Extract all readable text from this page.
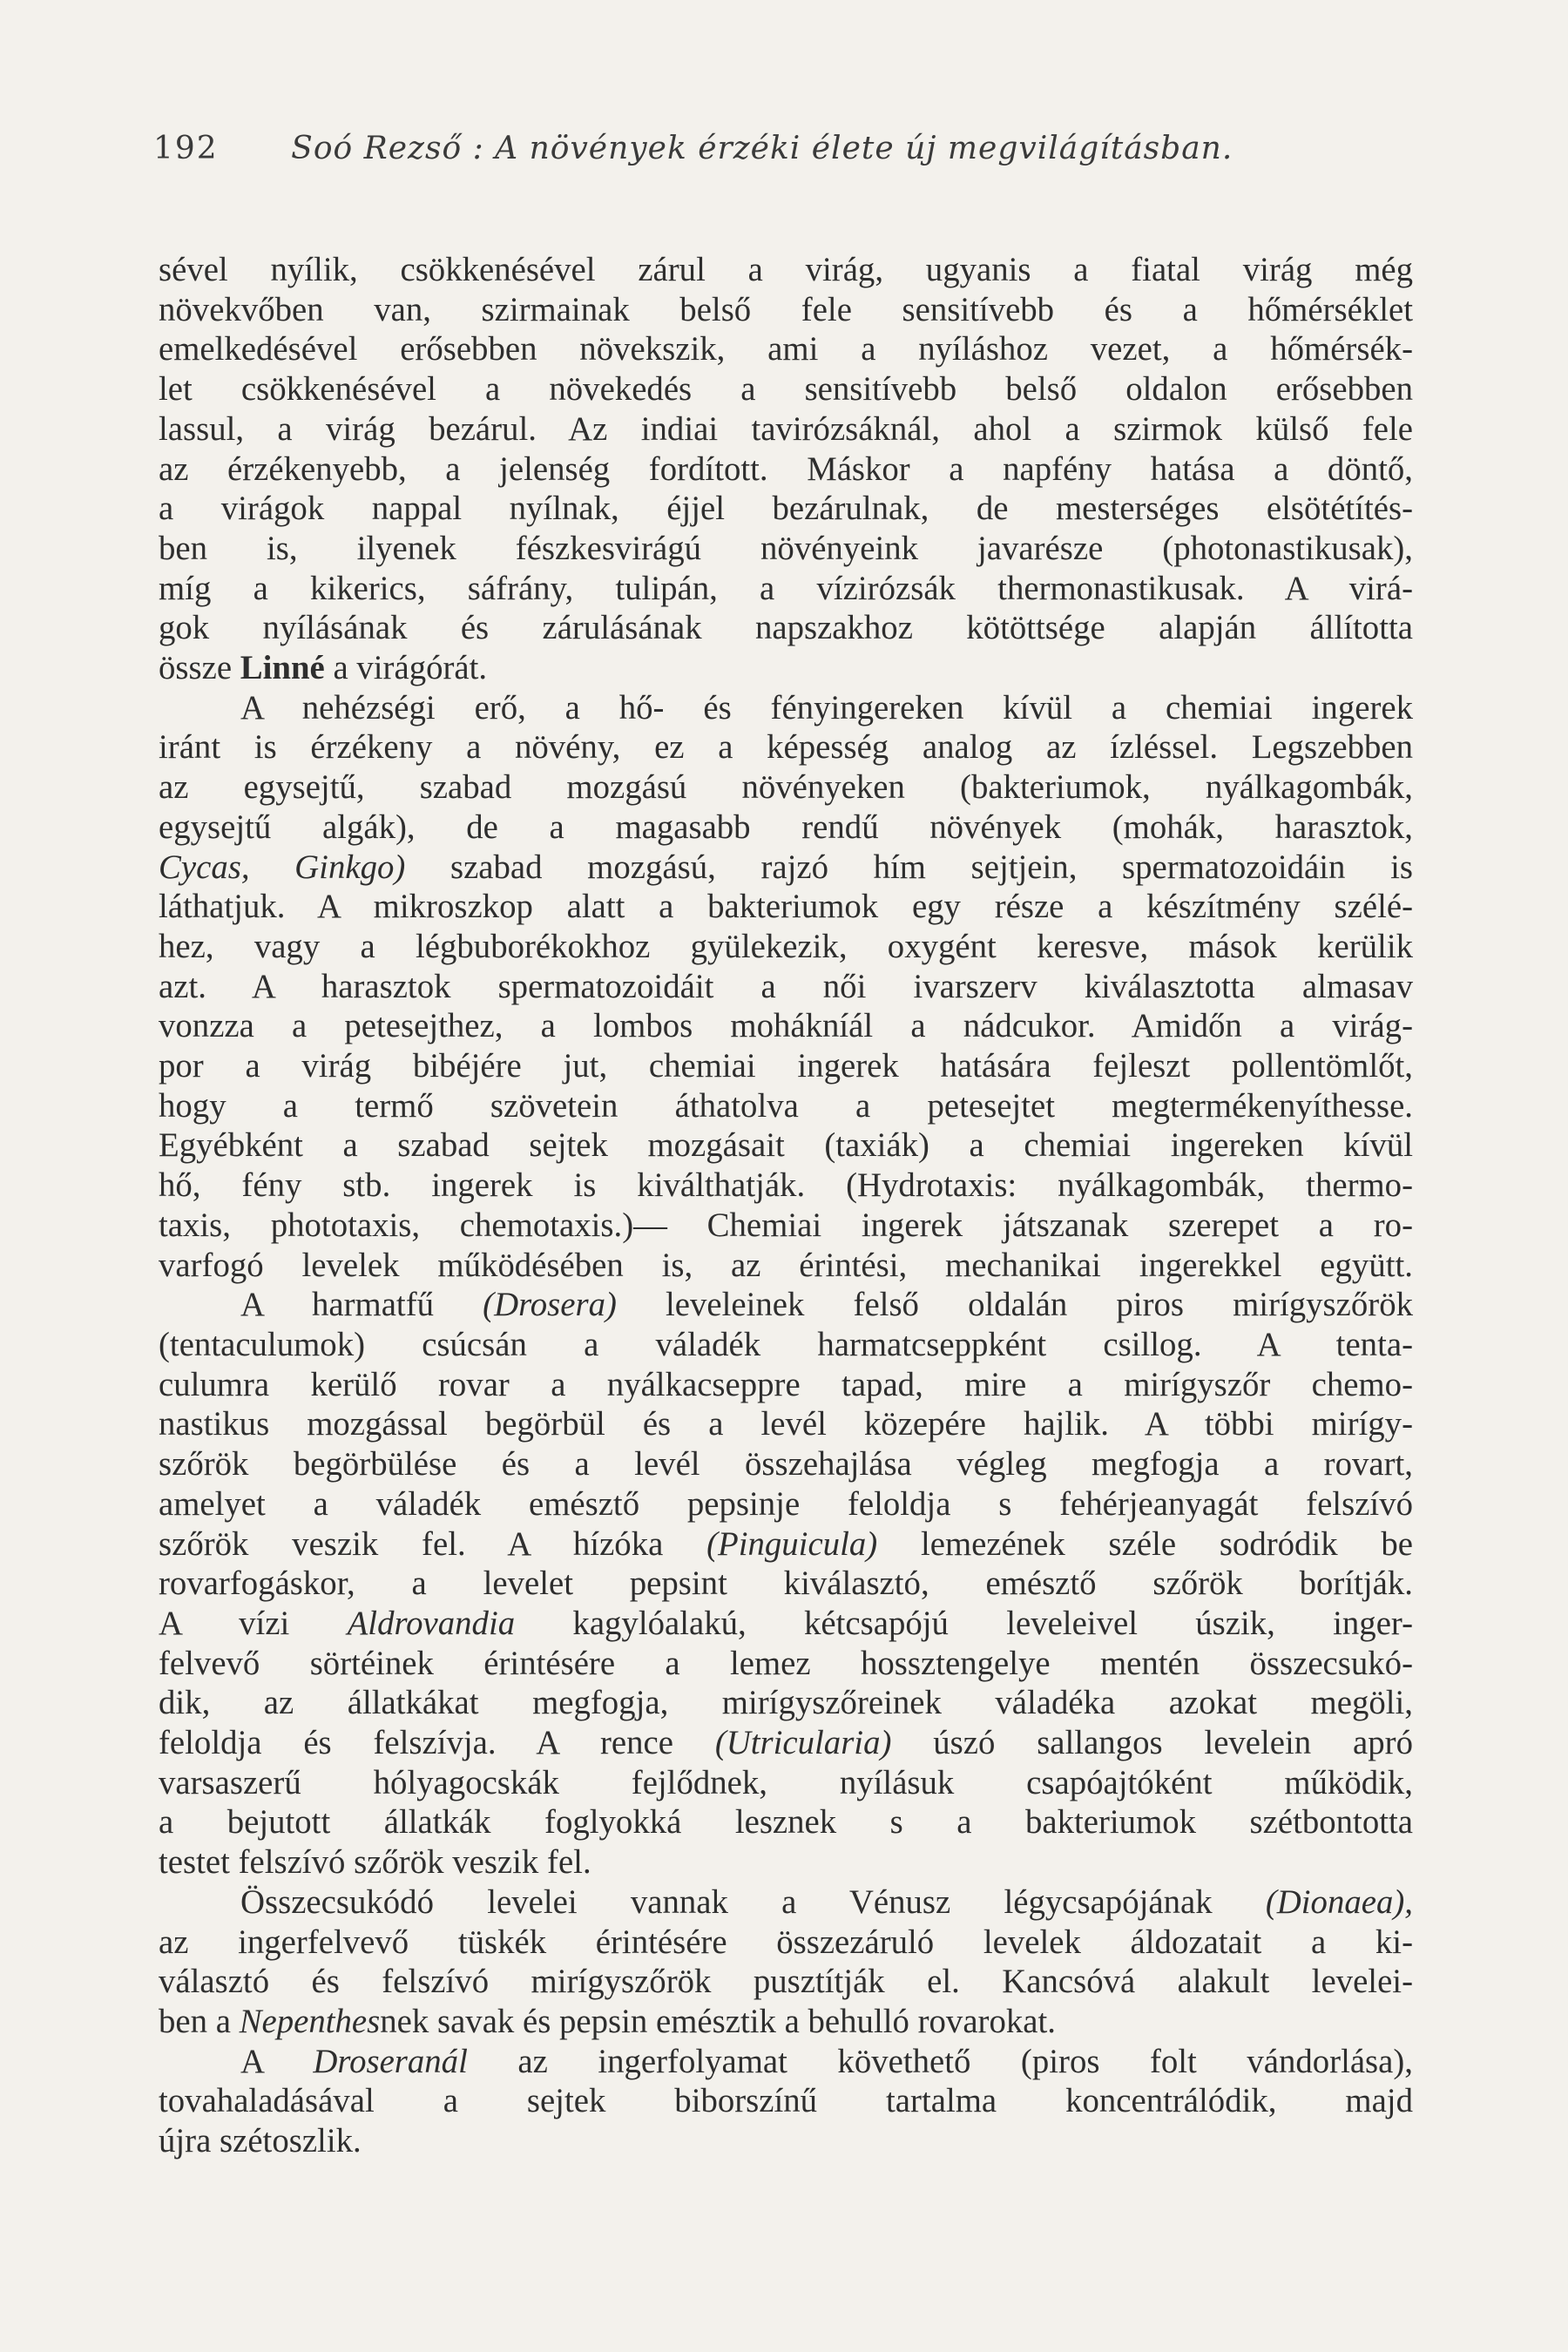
192 Soó Rezső : A növények érzéki élete új megvilágításban.
sével nyílik, csökkenésével zárul a virág, ugyanis a fiatal virág még
növekvőben van, szirmainak belső fele sensitívebb és a hőmérséklet
emelkedésével erősebben növekszik, ami a nyíláshoz vezet, a hőmérsék-
let csökkenésével a növekedés a sensitívebb belső oldalon erősebben
lassul, a virág bezárul. Az indiai tavirózsáknál, ahol a szirmok külső fele
az érzékenyebb, a jelenség fordított. Máskor a napfény hatása a döntő,
a virágok nappal nyílnak, éjjel bezárulnak, de mesterséges elsötétítés-
ben is, ilyenek fészkesvirágú növényeink javarésze (photonastikusak),
míg a kikerics, sáfrány, tulipán, a vízirózsák thermonastikusak. A virá-
gok nyílásának és zárulásának napszakhoz kötöttsége alapján állította
össze Linné a virágórát.
A nehézségi erő, a hő- és fényingereken kívül a chemiai ingerek
iránt is érzékeny a növény, ez a képesség analog az ízléssel. Legszebben
az egysejtű, szabad mozgású növényeken (bakteriumok, nyálkagombák,
egysejtű algák), de a magasabb rendű növények (mohák, harasztok,
Cycas, Ginkgo) szabad mozgású, rajzó hím sejtjein, spermatozoidáin is
láthatjuk. A mikroszkop alatt a bakteriumok egy része a készítmény szélé-
hez, vagy a légbuborékokhoz gyülekezik, oxygént keresve, mások kerülik
azt. A harasztok spermatozoidáit a női ivarszerv kiválasztotta almasav
vonzza a petesejthez, a lombos mohákníál a nádcukor. Amidőn a virág-
por a virág bibéjére jut, chemiai ingerek hatására fejleszt pollentömlőt,
hogy a termő szövetein áthatolva a petesejtet megtermékenyíthesse.
Egyébként a szabad sejtek mozgásait (taxiák) a chemiai ingereken kívül
hő, fény stb. ingerek is kiválthatják. (Hydrotaxis: nyálkagombák, thermo-
taxis, phototaxis, chemotaxis.)— Chemiai ingerek játszanak szerepet a ro-
varfogó levelek működésében is, az érintési, mechanikai ingerekkel együtt.
A harmatfű (Drosera) leveleinek felső oldalán piros mirígyszőrök
(tentaculumok) csúcsán a váladék harmatcseppként csillog. A tenta-
culumra kerülő rovar a nyálkacseppre tapad, mire a mirígyszőr chemo-
nastikus mozgással begörbül és a levél közepére hajlik. A többi mirígy-
szőrök begörbülése és a levél összehajlása végleg megfogja a rovart,
amelyet a váladék emésztő pepsinje feloldja s fehérjeanyagát felszívó
szőrök veszik fel. A hízóka (Pinguicula) lemezének széle sodródik be
rovarfogáskor, a levelet pepsint kiválasztó, emésztő szőrök borítják.
A vízi Aldrovandia kagylóalakú, kétcsapójú leveleivel úszik, inger-
felvevő sörtéinek érintésére a lemez hossztengelye mentén összecsukó-
dik, az állatkákat megfogja, mirígyszőreinek váladéka azokat megöli,
feloldja és felszívja. A rence (Utricularia) úszó sallangos levelein apró
varsaszerű hólyagocskák fejlődnek, nyílásuk csapóajtóként működik,
a bejutott állatkák foglyokká lesznek s a bakteriumok szétbontotta
testet felszívó szőrök veszik fel.
Összecsukódó levelei vannak a Vénusz légycsapójának (Dionaea),
az ingerfelvevő tüskék érintésére összezáruló levelek áldozatait a ki-
választó és felszívó mirígyszőrök pusztítják el. Kancsóvá alakult levelei-
ben a Nepenthesnek savak és pepsin emésztik a behulló rovarokat.
A Droseranál az ingerfolyamat követhető (piros folt vándorlása),
tovahaladásával a sejtek biborszínű tartalma koncentrálódik, majd
újra szétoszlik.
